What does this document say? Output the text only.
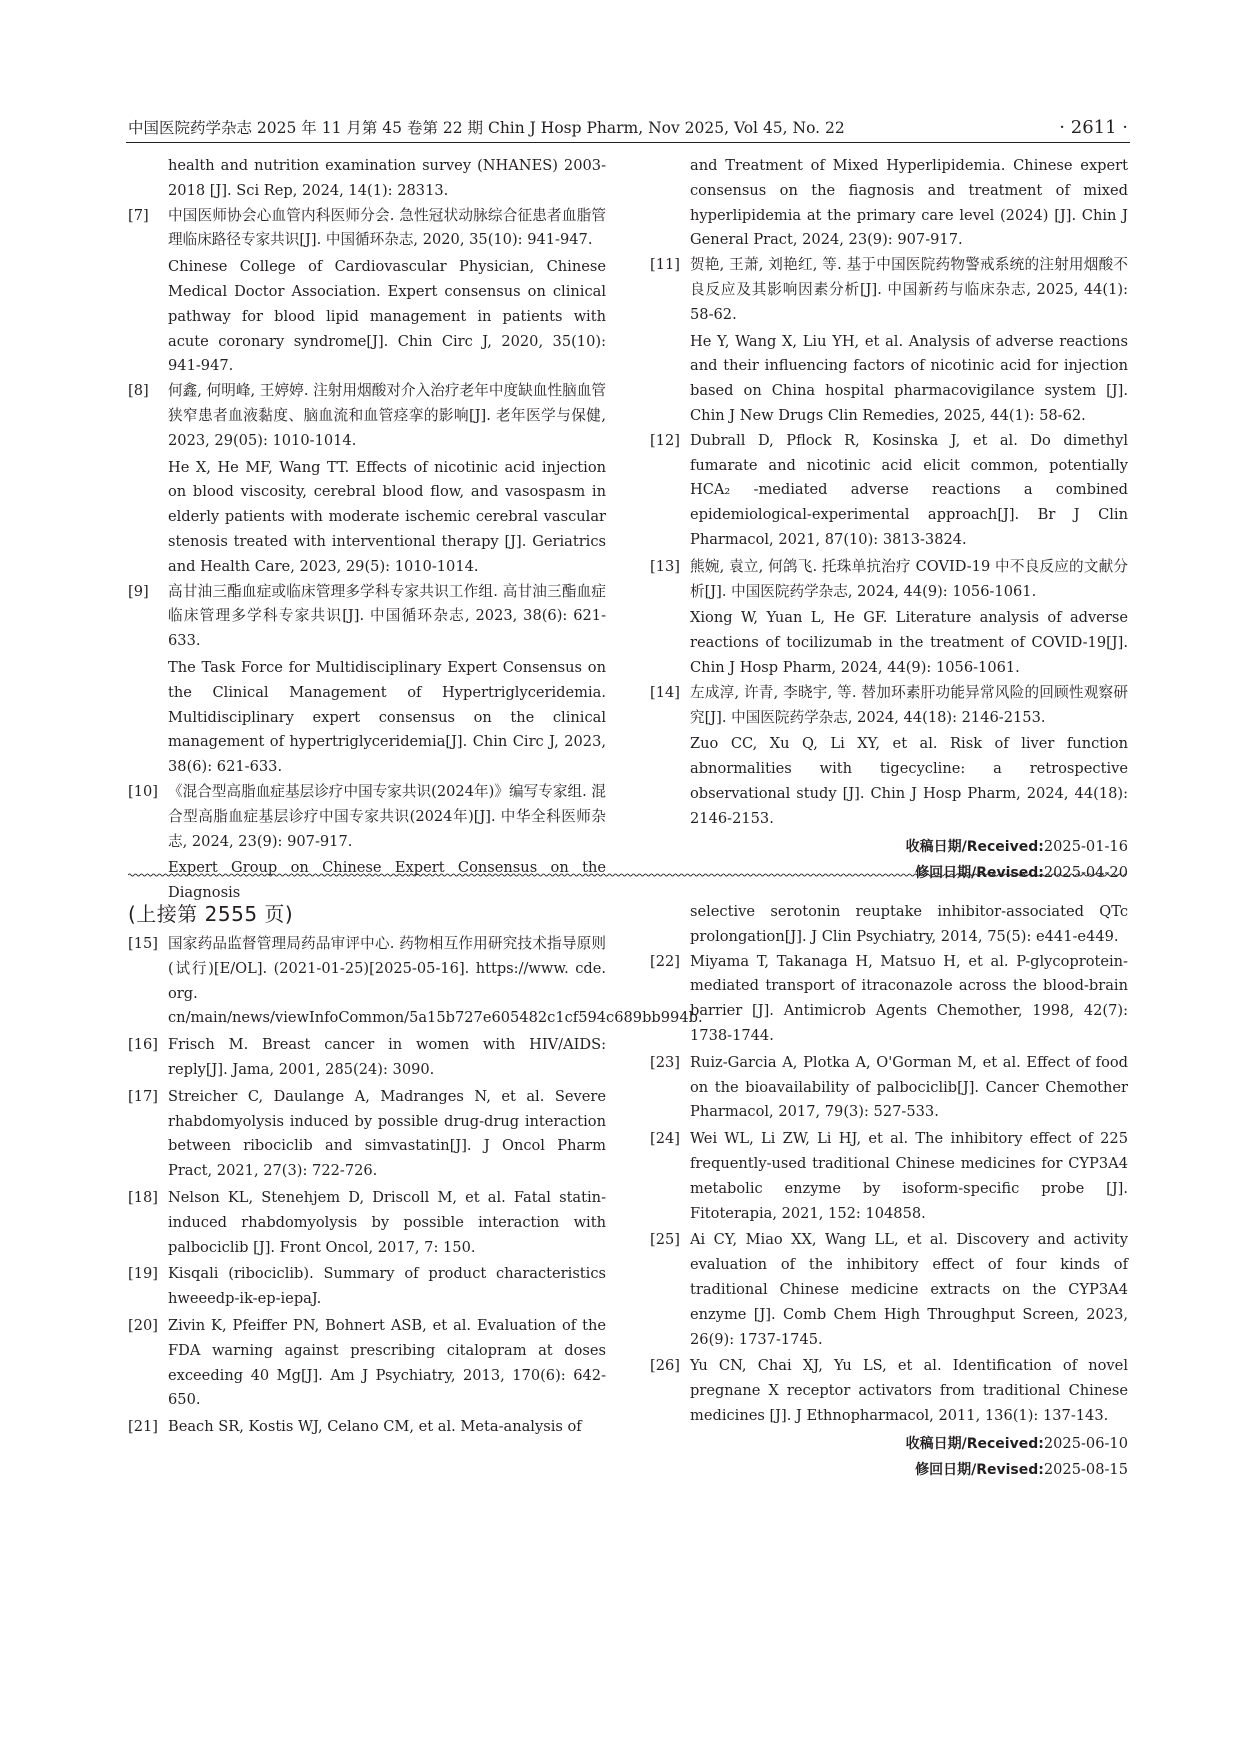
中国医院药学杂志 2025 年 11 月第 45 卷第 22 期 Chin J Hosp Pharm, Nov 2025, Vol 45, No. 22	· 2611 ·

health and nutrition examination survey (NHANES) 2003-2018 [J]. Sci Rep, 2024, 14(1): 28313.

[7] 中国医师协会心血管内科医师分会. 急性冠状动脉综合征患者血脂管理临床路径专家共识[J]. 中国循环杂志, 2020, 35(10): 941-947.

Chinese College of Cardiovascular Physician, Chinese Medical Doctor Association. Expert consensus on clinical pathway for blood lipid management in patients with acute coronary syndrome[J]. Chin Circ J, 2020, 35(10): 941-947.

[8] 何鑫, 何明峰, 王婷婷. 注射用烟酸对介入治疗老年中度缺血性脑血管狭窄患者血液黏度、脑血流和血管痉挛的影响[J]. 老年医学与保健, 2023, 29(05): 1010-1014.

He X, He MF, Wang TT. Effects of nicotinic acid injection on blood viscosity, cerebral blood flow, and vasospasm in elderly patients with moderate ischemic cerebral vascular stenosis treated with interventional therapy [J]. Geriatrics and Health Care, 2023, 29(5): 1010-1014.

[9] 高甘油三酯血症或临床管理多学科专家共识工作组. 高甘油三酯血症临床管理多学科专家共识[J]. 中国循环杂志, 2023, 38(6): 621-633.

The Task Force for Multidisciplinary Expert Consensus on the Clinical Management of Hypertriglyceridemia. Multidisciplinary expert consensus on the clinical management of hypertriglyceridemia[J]. Chin Circ J, 2023, 38(6): 621-633.

[10] 《混合型高脂血症基层诊疗中国专家共识(2024年)》编写专家组. 混合型高脂血症基层诊疗中国专家共识(2024年)[J]. 中华全科医师杂志, 2024, 23(9): 907-917.

Expert Group on Chinese Expert Consensus on the Diagnosis

and Treatment of Mixed Hyperlipidemia. Chinese expert consensus on the fiagnosis and treatment of mixed hyperlipidemia at the primary care level (2024) [J]. Chin J General Pract, 2024, 23(9): 907-917.

[11] 贺艳, 王萧, 刘艳红, 等. 基于中国医院药物警戒系统的注射用烟酸不良反应及其影响因素分析[J]. 中国新药与临床杂志, 2025, 44(1): 58-62.

He Y, Wang X, Liu YH, et al. Analysis of adverse reactions and their influencing factors of nicotinic acid for injection based on China hospital pharmacovigilance system [J]. Chin J New Drugs Clin Remedies, 2025, 44(1): 58-62.

[12] Dubrall D, Pflock R, Kosinska J, et al. Do dimethyl fumarate and nicotinic acid elicit common, potentially HCA₂ -mediated adverse reactions a combined epidemiological-experimental approach[J]. Br J Clin Pharmacol, 2021, 87(10): 3813-3824.

[13] 熊婉, 袁立, 何鸽飞. 托珠单抗治疗 COVID-19 中不良反应的文献分析[J]. 中国医院药学杂志, 2024, 44(9): 1056-1061.

Xiong W, Yuan L, He GF. Literature analysis of adverse reactions of tocilizumab in the treatment of COVID-19[J]. Chin J Hosp Pharm, 2024, 44(9): 1056-1061.

[14] 左成淳, 许青, 李晓宇, 等. 替加环素肝功能异常风险的回顾性观察研究[J]. 中国医院药学杂志, 2024, 44(18): 2146-2153.

Zuo CC, Xu Q, Li XY, et al. Risk of liver function abnormalities with tigecycline: a retrospective observational study [J]. Chin J Hosp Pharm, 2024, 44(18): 2146-2153.

收稿日期/Received:2025-01-16

修回日期/Revised:2025-04-20

(上接第 2555 页)

[15] 国家药品监督管理局药品审评中心. 药物相互作用研究技术指导原则(试行)[E/OL]. (2021-01-25)[2025-05-16]. https://www. cde. org. cn/main/news/viewInfoCommon/5a15b727e605482c1cf594c689bb994b.

[16] Frisch M. Breast cancer in women with HIV/AIDS: reply[J]. Jama, 2001, 285(24): 3090.

[17] Streicher C, Daulange A, Madranges N, et al. Severe rhabdomyolysis induced by possible drug-drug interaction between ribociclib and simvastatin[J]. J Oncol Pharm Pract, 2021, 27(3): 722-726.

[18] Nelson KL, Stenehjem D, Driscoll M, et al. Fatal statin-induced rhabdomyolysis by possible interaction with palbociclib [J]. Front Oncol, 2017, 7: 150.

[19] Kisqali (ribociclib). Summary of product characteristics hweeedp-ik-ep-iepaJ.

[20] Zivin K, Pfeiffer PN, Bohnert ASB, et al. Evaluation of the FDA warning against prescribing citalopram at doses exceeding 40 Mg[J]. Am J Psychiatry, 2013, 170(6): 642-650.

[21] Beach SR, Kostis WJ, Celano CM, et al. Meta-analysis of

selective serotonin reuptake inhibitor-associated QTc prolongation[J]. J Clin Psychiatry, 2014, 75(5): e441-e449.

[22] Miyama T, Takanaga H, Matsuo H, et al. P-glycoprotein-mediated transport of itraconazole across the blood-brain barrier [J]. Antimicrob Agents Chemother, 1998, 42(7): 1738-1744.

[23] Ruiz-Garcia A, Plotka A, O'Gorman M, et al. Effect of food on the bioavailability of palbociclib[J]. Cancer Chemother Pharmacol, 2017, 79(3): 527-533.

[24] Wei WL, Li ZW, Li HJ, et al. The inhibitory effect of 225 frequently-used traditional Chinese medicines for CYP3A4 metabolic enzyme by isoform-specific probe [J]. Fitoterapia, 2021, 152: 104858.

[25] Ai CY, Miao XX, Wang LL, et al. Discovery and activity evaluation of the inhibitory effect of four kinds of traditional Chinese medicine extracts on the CYP3A4 enzyme [J]. Comb Chem High Throughput Screen, 2023, 26(9): 1737-1745.

[26] Yu CN, Chai XJ, Yu LS, et al. Identification of novel pregnane X receptor activators from traditional Chinese medicines [J]. J Ethnopharmacol, 2011, 136(1): 137-143.

收稿日期/Received:2025-06-10

修回日期/Revised:2025-08-15
